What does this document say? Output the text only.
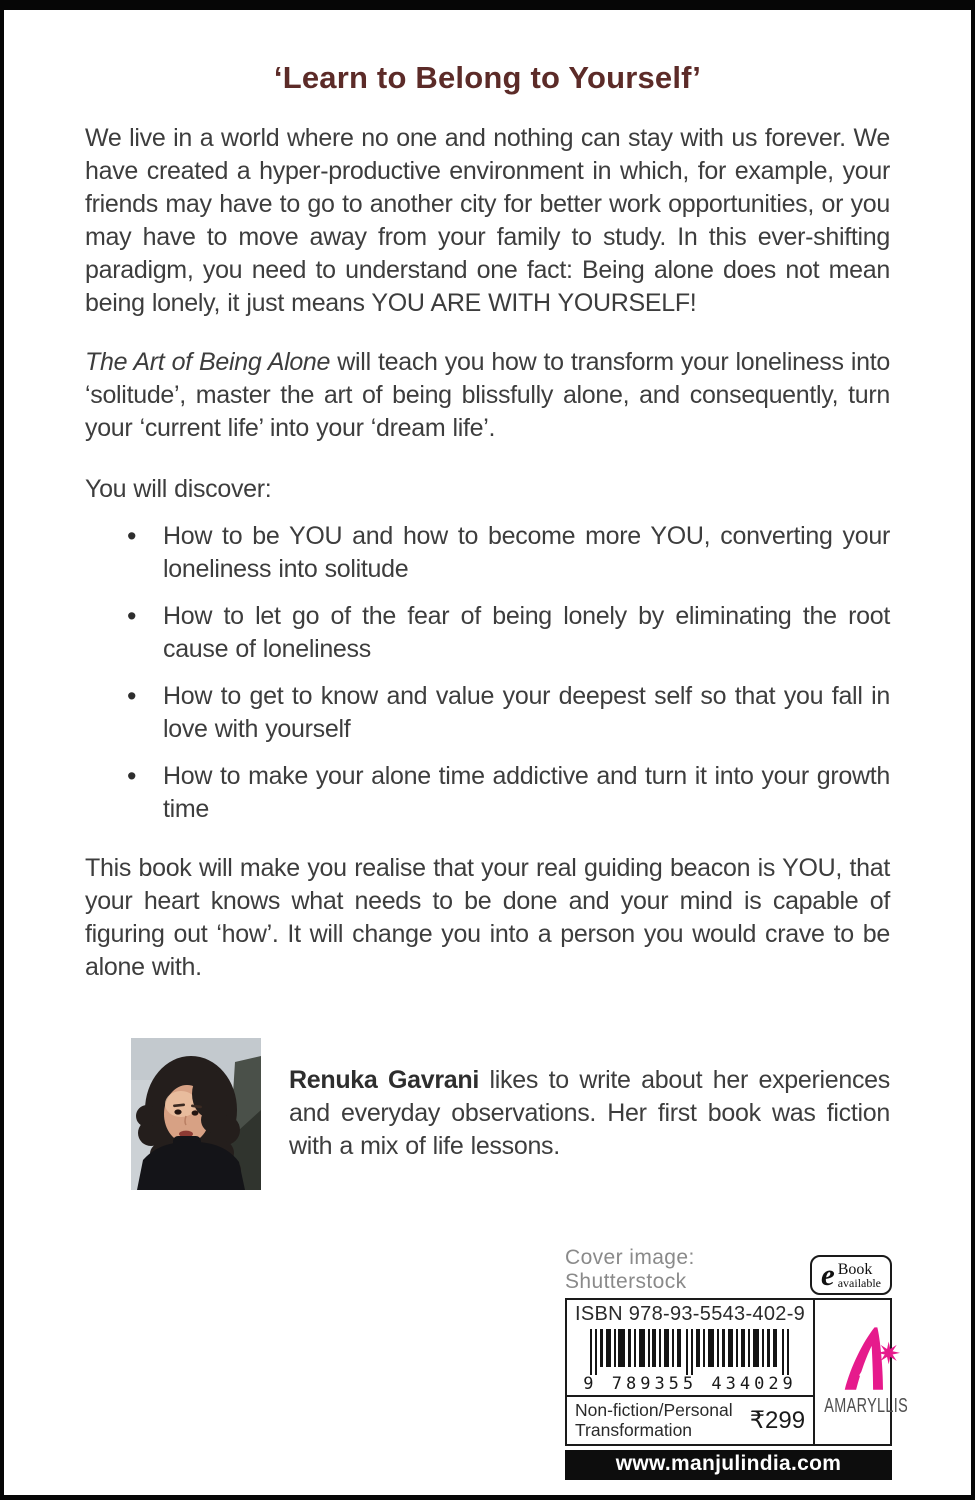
‘Learn to Belong to Yourself’

We live in a world where no one and nothing can stay with us forever. We have created a hyper-productive environment in which, for example, your friends may have to go to another city for better work opportunities, or you may have to move away from your family to study. In this ever-shifting paradigm, you need to understand one fact: Being alone does not mean being lonely, it just means YOU ARE WITH YOURSELF!

The Art of Being Alone will teach you how to transform your loneliness into ‘solitude’, master the art of being blissfully alone, and consequently, turn your ‘current life’ into your ‘dream life’.

You will discover:

• How to be YOU and how to become more YOU, converting your loneliness into solitude
• How to let go of the fear of being lonely by eliminating the root cause of loneliness
• How to get to know and value your deepest self so that you fall in love with yourself
• How to make your alone time addictive and turn it into your growth time

This book will make you realise that your real guiding beacon is YOU, that your heart knows what needs to be done and your mind is capable of figuring out ‘how’. It will change you into a person you would crave to be alone with.

Renuka Gavrani likes to write about her experiences and everyday observations. Her first book was fiction with a mix of life lessons.

Cover image: Shutterstock	e Book
available
ISBN 978-93-5543-402-9
9 789355 434029
AMARYLLIS
Non-fiction/Personal
Transformation	₹299
www.manjulindia.com
